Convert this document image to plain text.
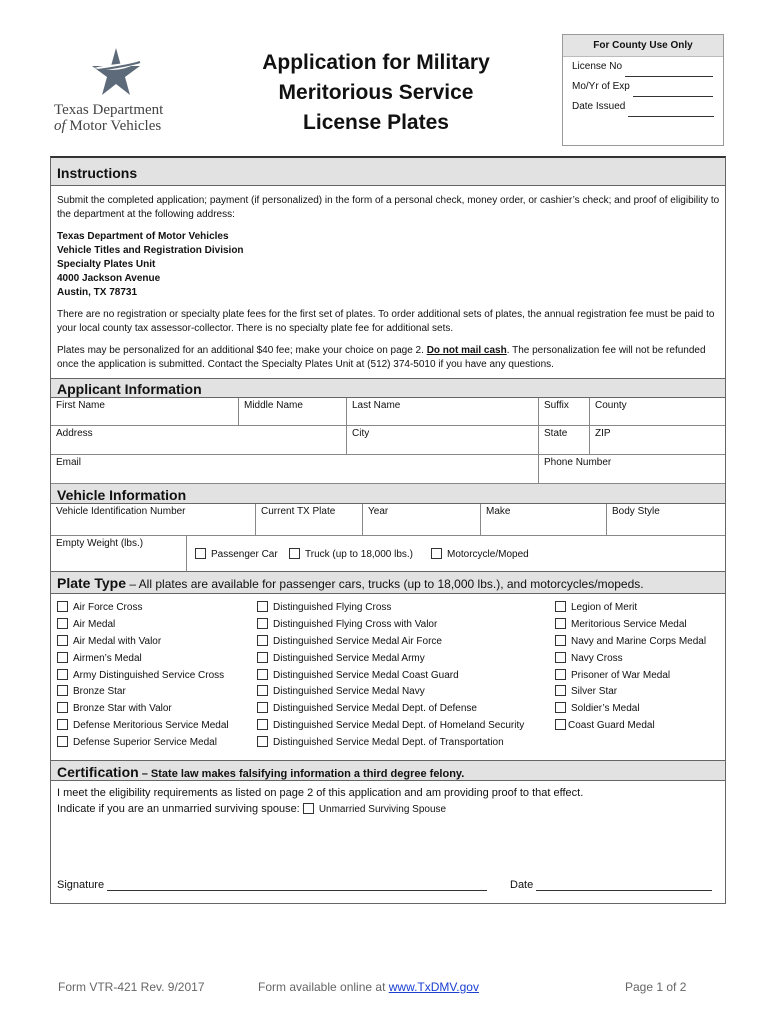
Texas Department
of Motor Vehicles
Application for Military
Meritorious Service
License Plates
For County Use Only
License No
Mo/Yr of Exp
Date Issued
Instructions

Submit the completed application; payment (if personalized) in the form of a personal check, money order, or cashier’s check; and proof of eligibility to the department at the following address:

Texas Department of Motor Vehicles
Vehicle Titles and Registration Division
Specialty Plates Unit
4000 Jackson Avenue
Austin, TX 78731

There are no registration or specialty plate fees for the first set of plates. To order additional sets of plates, the annual registration fee must be paid to your local county tax assessor-collector. There is no specialty plate fee for additional sets.

Plates may be personalized for an additional $40 fee; make your choice on page 2. Do not mail cash. The personalization fee will not be refunded once the application is submitted. Contact the Specialty Plates Unit at (512) 374-5010 if you have any questions.

Applicant Information
First Name	Middle Name	Last Name	Suffix	County
Address	City	State	ZIP
Email	Phone Number
Vehicle Information
Vehicle Identification Number	Current TX Plate	Year	Make	Body Style
Empty Weight (lbs.)
Passenger Car	Truck (up to 18,000 lbs.)	Motorcycle/Moped
Plate Type – All plates are available for passenger cars, trucks (up to 18,000 lbs.), and motorcycles/mopeds.
Air Force Cross
Air Medal
Air Medal with Valor
Airmen’s Medal
Army Distinguished Service Cross
Bronze Star
Bronze Star with Valor
Defense Meritorious Service Medal
Defense Superior Service Medal
Distinguished Flying Cross
Distinguished Flying Cross with Valor
Distinguished Service Medal Air Force
Distinguished Service Medal Army
Distinguished Service Medal Coast Guard
Distinguished Service Medal Navy
Distinguished Service Medal Dept. of Defense
Distinguished Service Medal Dept. of Homeland Security
Distinguished Service Medal Dept. of Transportation
Legion of Merit
Meritorious Service Medal
Navy and Marine Corps Medal
Navy Cross
Prisoner of War Medal
Silver Star
Soldier’s Medal
Coast Guard Medal
Certification – State law makes falsifying information a third degree felony.
I meet the eligibility requirements as listed on page 2 of this application and am providing proof to that effect.
Indicate if you are an unmarried surviving spouse: Unmarried Surviving Spouse
Signature	Date
Form VTR-421 Rev. 9/2017	Form available online at www.TxDMV.gov	Page 1 of 2
